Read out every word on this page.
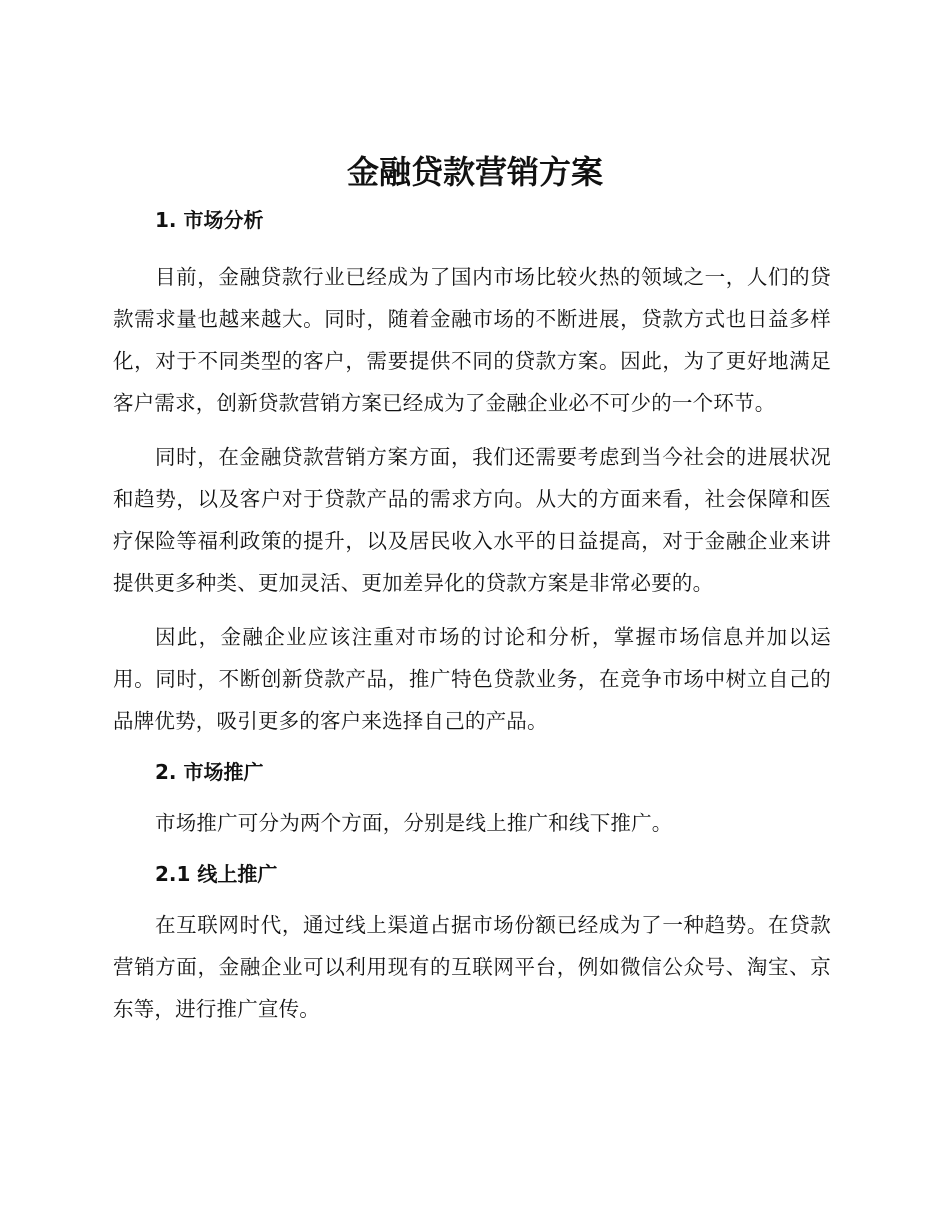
金融贷款营销方案
1. 市场分析

目前，金融贷款行业已经成为了国内市场比较火热的领域之一，人们的贷款需求量也越来越大。同时，随着金融市场的不断进展，贷款方式也日益多样化，对于不同类型的客户，需要提供不同的贷款方案。因此，为了更好地满足客户需求，创新贷款营销方案已经成为了金融企业必不可少的一个环节。

同时，在金融贷款营销方案方面，我们还需要考虑到当今社会的进展状况和趋势，以及客户对于贷款产品的需求方向。从大的方面来看，社会保障和医疗保险等福利政策的提升，以及居民收入水平的日益提高，对于金融企业来讲提供更多种类、更加灵活、更加差异化的贷款方案是非常必要的。

因此，金融企业应该注重对市场的讨论和分析，掌握市场信息并加以运用。同时，不断创新贷款产品，推广特色贷款业务，在竞争市场中树立自己的品牌优势，吸引更多的客户来选择自己的产品。

2. 市场推广

市场推广可分为两个方面，分别是线上推广和线下推广。

2.1 线上推广

在互联网时代，通过线上渠道占据市场份额已经成为了一种趋势。在贷款营销方面，金融企业可以利用现有的互联网平台，例如微信公众号、淘宝、京东等，进行推广宣传。
